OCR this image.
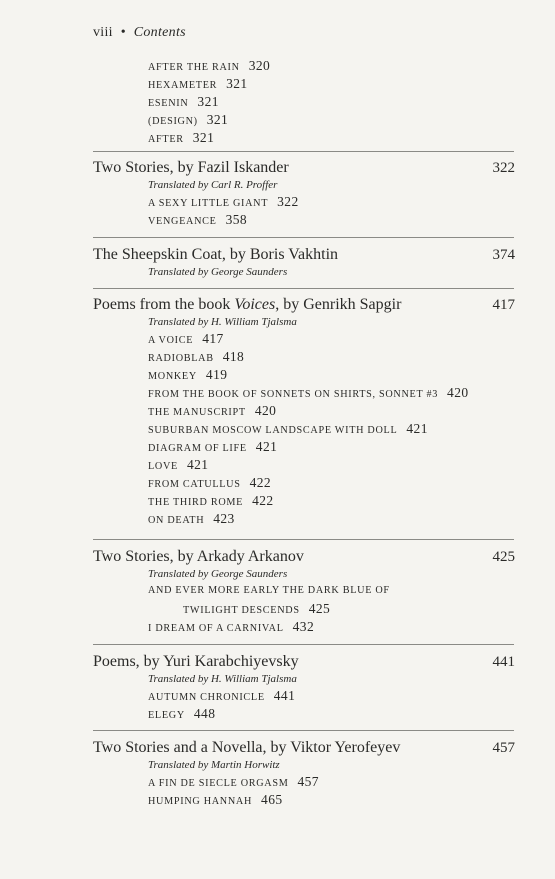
viii • Contents
AFTER THE RAIN 320
HEXAMETER 321
ESENIN 321
(DESIGN) 321
AFTER 321
Two Stories, by Fazil Iskander	322
Translated by Carl R. Proffer
A SEXY LITTLE GIANT 322
VENGEANCE 358
The Sheepskin Coat, by Boris Vakhtin	374
Translated by George Saunders
Poems from the book Voices, by Genrikh Sapgir	417
Translated by H. William Tjalsma
A VOICE 417
RADIOBLAB 418
MONKEY 419
FROM THE BOOK OF SONNETS ON SHIRTS, SONNET #3 420
THE MANUSCRIPT 420
SUBURBAN MOSCOW LANDSCAPE WITH DOLL 421
DIAGRAM OF LIFE 421
LOVE 421
FROM CATULLUS 422
THE THIRD ROME 422
ON DEATH 423
Two Stories, by Arkady Arkanov	425
Translated by George Saunders
AND EVER MORE EARLY THE DARK BLUE OF
TWILIGHT DESCENDS 425
I DREAM OF A CARNIVAL 432
Poems, by Yuri Karabchiyevsky	441
Translated by H. William Tjalsma
AUTUMN CHRONICLE 441
ELEGY 448
Two Stories and a Novella, by Viktor Yerofeyev	457
Translated by Martin Horwitz
A FIN DE SIECLE ORGASM 457
HUMPING HANNAH 465
